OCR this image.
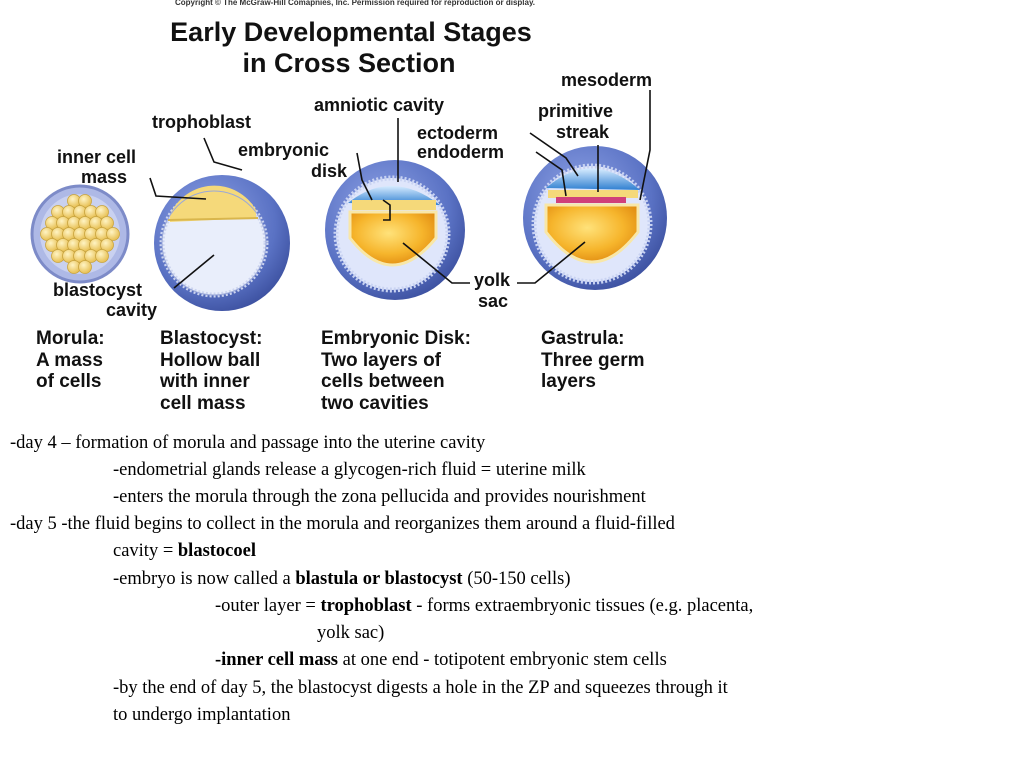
Copyright © The McGraw-Hill Comapnies, Inc. Permission required for reproduction or display.
Early Developmental Stages
in Cross Section
inner cell
mass
trophoblast
blastocyst
cavity
amniotic cavity
embryonic
disk
mesoderm
primitive
streak
ectoderm
endoderm
yolk
sac
Morula:
A mass
of cells
Blastocyst:
Hollow ball
with inner
cell mass
Embryonic Disk:
Two layers of
cells between
two cavities
Gastrula:
Three germ
layers
-day 4 – formation of morula and passage into the uterine cavity
-endometrial glands release a glycogen-rich fluid = uterine milk
-enters the morula through the zona pellucida and provides nourishment
-day 5 -the fluid begins to collect in the morula and reorganizes them around a fluid-filled
cavity = blastocoel
-embryo is now called a blastula or blastocyst (50-150 cells)
-outer layer = trophoblast - forms extraembryonic tissues (e.g. placenta,
yolk sac)
-inner cell mass at one end - totipotent embryonic stem cells
-by the end of day 5, the blastocyst digests a hole in the ZP and squeezes through it
to undergo implantation
